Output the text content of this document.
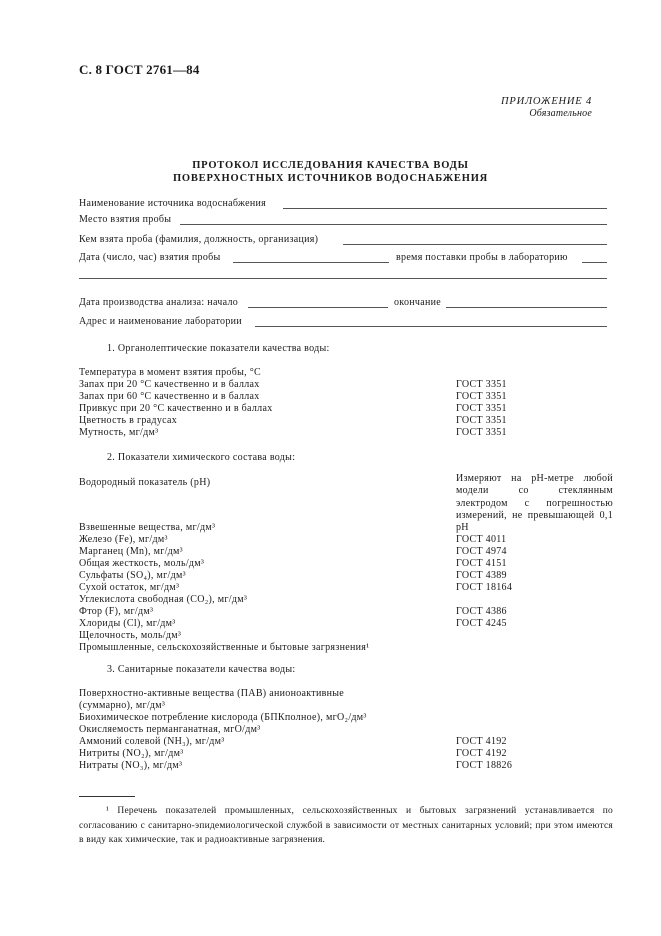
С. 8 ГОСТ 2761—84
ПРИЛОЖЕНИЕ 4
Обязательное
ПРОТОКОЛ ИССЛЕДОВАНИЯ КАЧЕСТВА ВОДЫ
ПОВЕРХНОСТНЫХ ИСТОЧНИКОВ ВОДОСНАБЖЕНИЯ
Наименование источника водоснабжения
Место взятия пробы
Кем взята проба (фамилия, должность, организация)
Дата (число, час) взятия пробы	время поставки пробы в лабораторию
Дата производства анализа: начало	окончание
Адрес и наименование лаборатории
1. Органолептические показатели качества воды:
Температура в момент взятия пробы, °С
Запах при 20 °С качественно и в баллах	ГОСТ 3351
Запах при 60 °С качественно и в баллах	ГОСТ 3351
Привкус при 20 °С качественно и в баллах	ГОСТ 3351
Цветность в градусах	ГОСТ 3351
Мутность, мг/дм³	ГОСТ 3351
2. Показатели химического состава воды:
Водородный показатель (рН)	Измеряют на рН-метре любой модели со стеклянным электродом с погрешностью измерений, не превышающей 0,1 рН
Взвешенные вещества, мг/дм³
Железо (Fe), мг/дм³	ГОСТ 4011
Марганец (Mn), мг/дм³	ГОСТ 4974
Общая жесткость, моль/дм³	ГОСТ 4151
Сульфаты (SO₄), мг/дм³	ГОСТ 4389
Сухой остаток, мг/дм³	ГОСТ 18164
Углекислота свободная (CO₂), мг/дм³
Фтор (F), мг/дм³	ГОСТ 4386
Хлориды (Cl), мг/дм³	ГОСТ 4245
Щелочность, моль/дм³
Промышленные, сельскохозяйственные и бытовые загрязнения¹
3. Санитарные показатели качества воды:
Поверхностно-активные вещества (ПАВ) анионоактивные
(суммарно), мг/дм³
Биохимическое потребление кислорода (БПКполное), мгO₂/дм³
Окисляемость перманганатная, мгO/дм³
Аммоний солевой (NH₃), мг/дм³	ГОСТ 4192
Нитриты (NO₂), мг/дм³	ГОСТ 4192
Нитраты (NO₃), мг/дм³	ГОСТ 18826
¹ Перечень показателей промышленных, сельскохозяйственных и бытовых загрязнений устанавливается по согласованию с санитарно-эпидемиологической службой в зависимости от местных санитарных условий; при этом имеются в виду как химические, так и радиоактивные загрязнения.
